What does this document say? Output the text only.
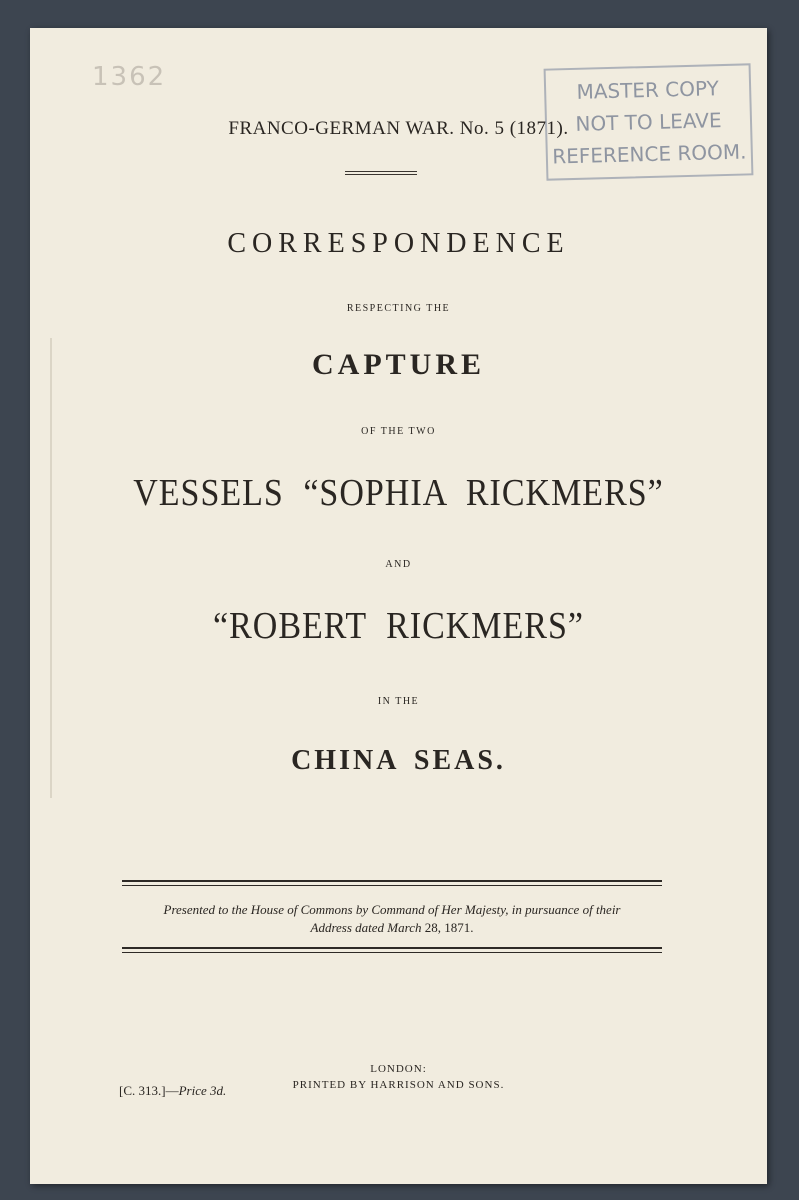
1362	MASTER COPY
NOT TO LEAVE
REFERENCE ROOM.
FRANCO-GERMAN WAR. No. 5 (1871).
CORRESPONDENCE
RESPECTING THE
CAPTURE
OF THE TWO
VESSELS “SOPHIA RICKMERS”
AND
“ROBERT RICKMERS”
IN THE
CHINA SEAS.
Presented to the House of Commons by Command of Her Majesty, in pursuance of their
Address dated March 28, 1871.
LONDON:
PRINTED BY HARRISON AND SONS.
[C. 313.]—Price 3d.
